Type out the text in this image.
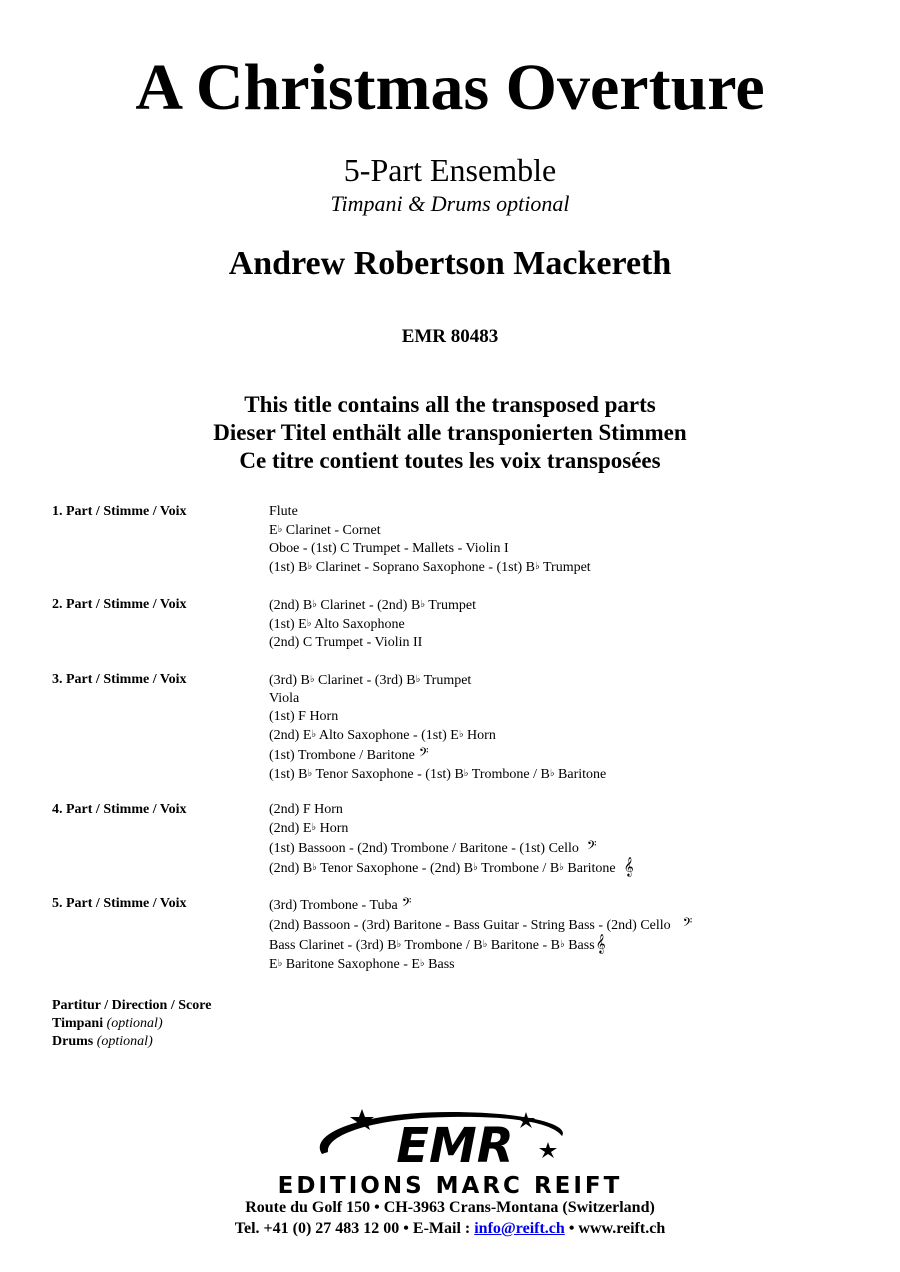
A Christmas Overture
5-Part Ensemble
Timpani & Drums optional
Andrew Robertson Mackereth
EMR 80483
This title contains all the transposed parts
Dieser Titel enthält alle transponierten Stimmen
Ce titre contient toutes les voix transposées
1. Part / Stimme / Voix	Flute
E♭ Clarinet - Cornet
Oboe - (1st) C Trumpet - Mallets - Violin I
(1st) B♭ Clarinet - Soprano Saxophone - (1st) B♭ Trumpet
2. Part / Stimme / Voix	(2nd) B♭ Clarinet - (2nd) B♭ Trumpet
(1st) E♭ Alto Saxophone
(2nd) C Trumpet - Violin II
3. Part / Stimme / Voix	(3rd) B♭ Clarinet - (3rd) B♭ Trumpet
Viola
(1st) F Horn
(2nd) E♭ Alto Saxophone - (1st) E♭ Horn
(1st) Trombone / Baritone 𝄢
(1st) B♭ Tenor Saxophone - (1st) B♭ Trombone / B♭ Baritone
4. Part / Stimme / Voix	(2nd) F Horn
(2nd) E♭ Horn
(1st) Bassoon - (2nd) Trombone / Baritone - (1st) Cello 𝄢
(2nd) B♭ Tenor Saxophone - (2nd) B♭ Trombone / B♭ Baritone 𝄞
5. Part / Stimme / Voix	(3rd) Trombone - Tuba 𝄢
(2nd) Bassoon - (3rd) Baritone - Bass Guitar - String Bass - (2nd) Cello 𝄢
Bass Clarinet - (3rd) B♭ Trombone / B♭ Baritone - B♭ Bass𝄞
E♭ Baritone Saxophone - E♭ Bass
Partitur / Direction / Score
Timpani (optional)
Drums (optional)
EMR
EDITIONS MARC REIFT
Route du Golf 150 • CH-3963 Crans-Montana (Switzerland)
Tel. +41 (0) 27 483 12 00 • E-Mail : info@reift.ch • www.reift.ch
